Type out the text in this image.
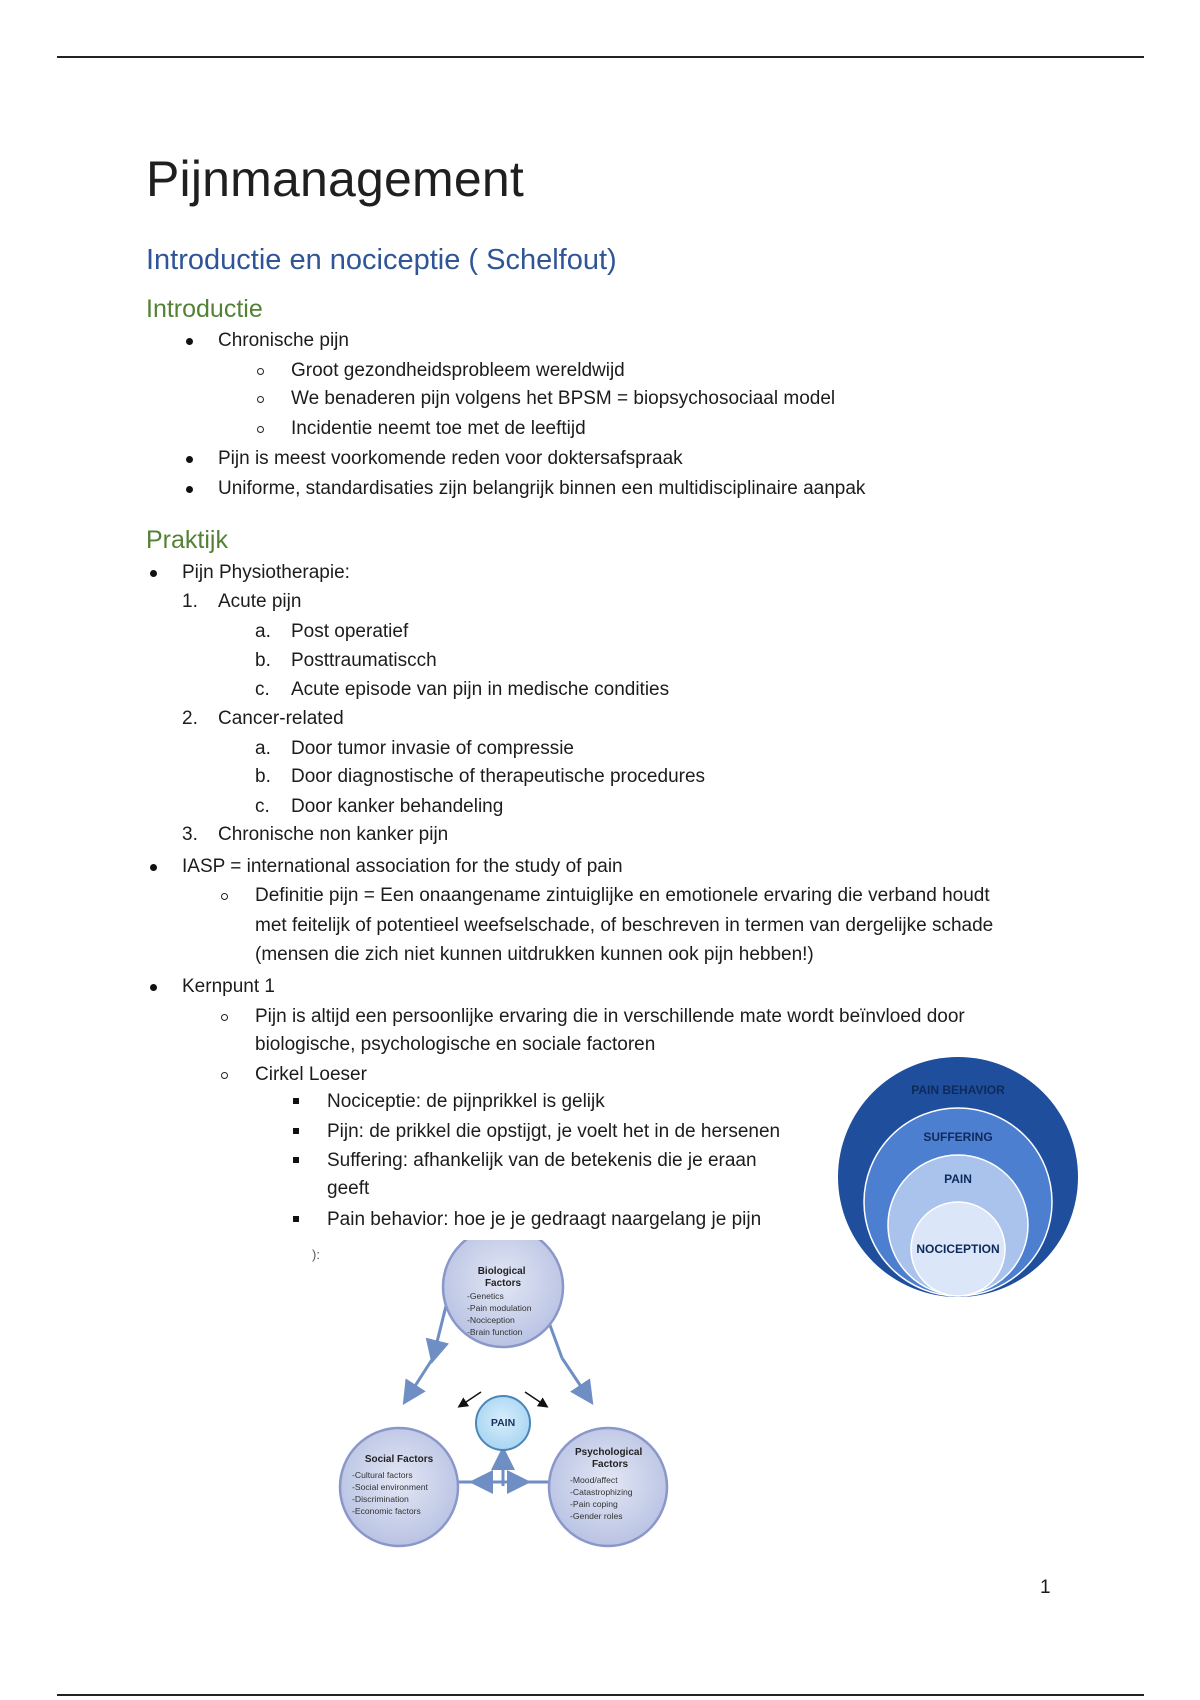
Pijnmanagement
Introductie en nociceptie ( Schelfout)
Introductie
Chronische pijn
Groot gezondheidsprobleem wereldwijd
We benaderen pijn volgens het BPSM = biopsychosociaal model
Incidentie neemt toe met de leeftijd
Pijn is meest voorkomende reden voor doktersafspraak
Uniforme, standardisaties zijn belangrijk binnen een multidisciplinaire aanpak
Praktijk
Pijn Physiotherapie:
1. Acute pijn
a. Post operatief
b. Posttraumatiscch
c. Acute episode van pijn in medische condities
2. Cancer-related
a. Door tumor invasie of compressie
b. Door diagnostische of therapeutische procedures
c. Door kanker behandeling
3. Chronische non kanker pijn
IASP = international association for the study of pain
Definitie pijn = Een onaangename zintuiglijke en emotionele ervaring die verband houdt
met feitelijk of potentieel weefselschade, of beschreven in termen van dergelijke schade
(mensen die zich niet kunnen uitdrukken kunnen ook pijn hebben!)
Kernpunt 1
Pijn is altijd een persoonlijke ervaring die in verschillende mate wordt beïnvloed door
biologische, psychologische en sociale factoren
Cirkel Loeser
Nociceptie: de pijnprikkel is gelijk
Pijn: de prikkel die opstijgt, je voelt het in de hersenen
Suffering: afhankelijk van de betekenis die je eraan
geeft
Pain behavior: hoe je je gedraagt naargelang je pijn
PAIN BEHAVIOR
SUFFERING
PAIN
NOCICEPTION
):
PAIN
Biological Factors
-Genetics -Pain modulation -Nociception -Brain function
Social Factors
-Cultural factors -Social environment -Discrimination -Economic factors
Psychological Factors
-Mood/affect -Catastrophizing -Pain coping -Gender roles
1
